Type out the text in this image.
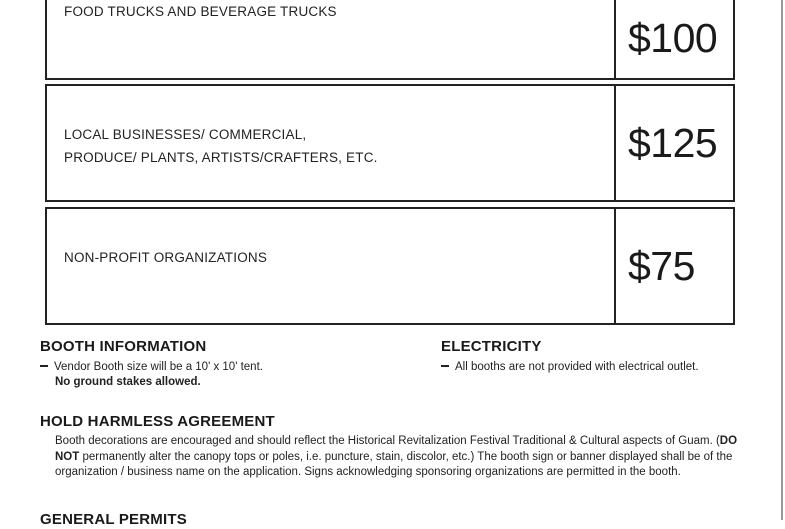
FOOD TRUCKS AND BEVERAGE TRUCKS
$100
LOCAL BUSINESSES/ COMMERCIAL,
PRODUCE/ PLANTS, ARTISTS/CRAFTERS, ETC.	$125
NON-PROFIT ORGANIZATIONS	$75
BOOTH INFORMATION
Vendor Booth size will be a 10' x 10' tent.
No ground stakes allowed.
ELECTRICITY
All booths are not provided with electrical outlet.
HOLD HARMLESS AGREEMENT
Booth decorations are encouraged and should reflect the Historical Revitalization Festival Traditional & Cultural aspects of Guam. (DO NOT permanently alter the canopy tops or poles, i.e. puncture, stain, discolor, etc.) The booth sign or banner displayed shall be of the organization / business name on the application. Signs acknowledging sponsoring organizations are permitted in the booth.
GENERAL PERMITS
